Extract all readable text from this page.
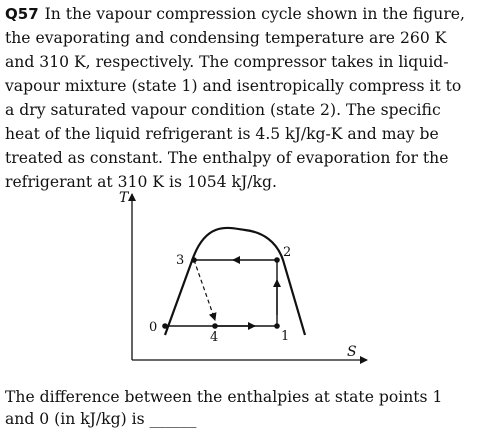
Q57 In the vapour compression cycle shown in the figure,
the evaporating and condensing temperature are 260 K
and 310 K, respectively. The compressor takes in liquid-
vapour mixture (state 1) and isentropically compress it to
a dry saturated vapour condition (state 2). The specific
heat of the liquid refrigerant is 4.5 kJ/kg-K and may be
treated as constant. The enthalpy of evaporation for the
refrigerant at 310 K is 1054 kJ/kg.
T
S
0
1
2
3
4
The difference between the enthalpies at state points 1
and 0 (in kJ/kg) is ______
